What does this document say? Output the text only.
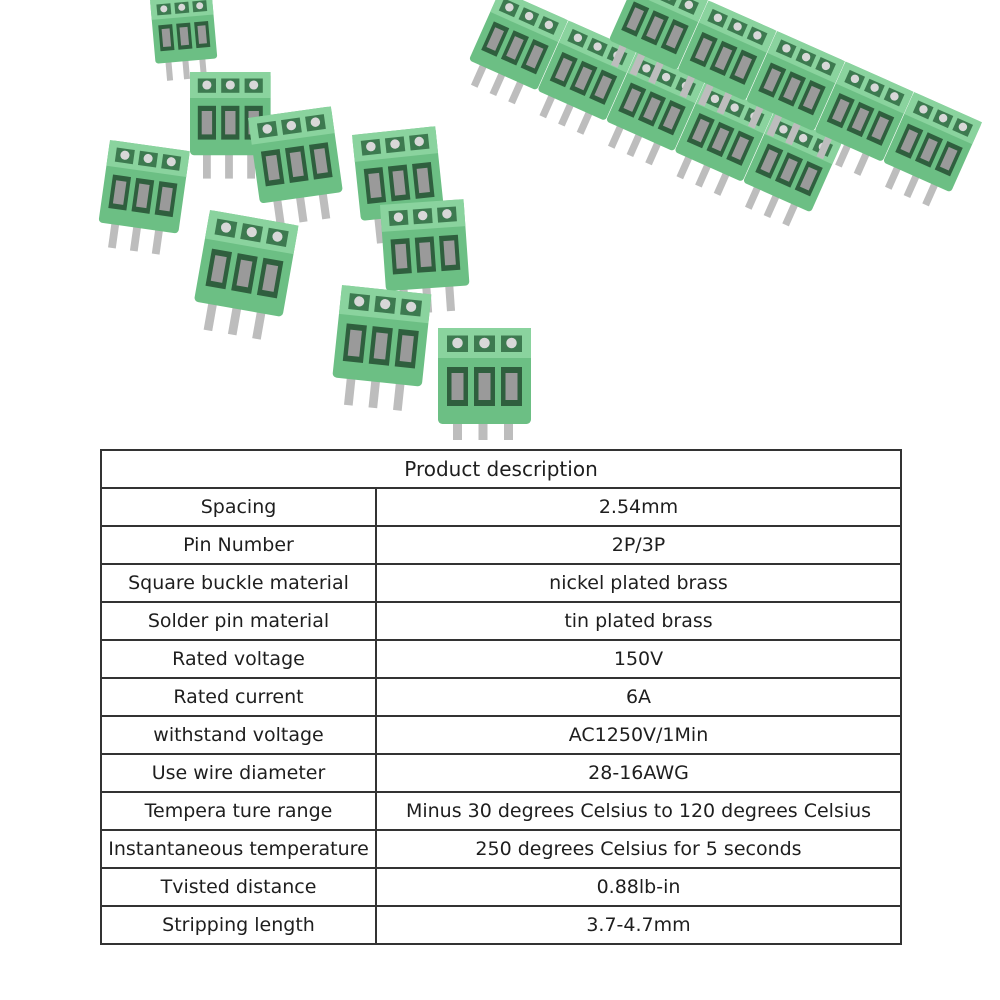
Product description	
Spacing	2.54mm
Pin Number	2P/3P
Square buckle material	nickel plated brass
Solder pin material	tin plated brass
Rated voltage	150V
Rated current	6A
withstand voltage	AC1250V/1Min
Use wire diameter	28-16AWG
Tempera ture range	Minus 30 degrees Celsius to 120 degrees Celsius
Instantaneous temperature	250 degrees Celsius for 5 seconds
Tvisted distance	0.88lb-in
Stripping length	3.7-4.7mm
